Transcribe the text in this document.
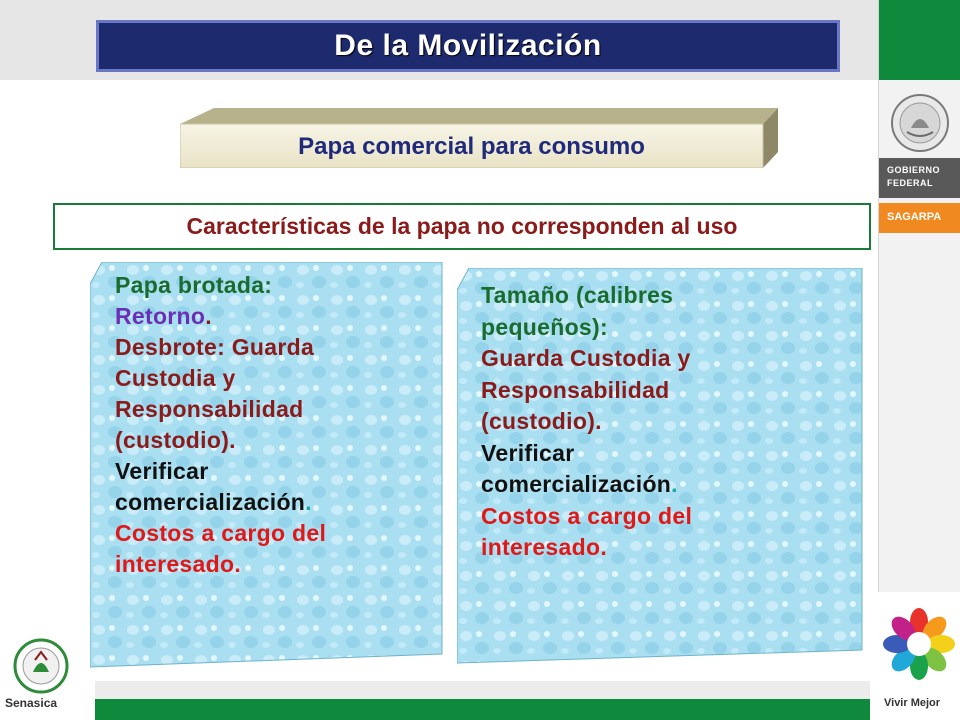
De la Movilización
GOBIERNO
FEDERAL
SAGARPA
Vivir Mejor
Senasica
Papa comercial para consumo
Características de la papa no corresponden al uso
Papa brotada:
Retorno.
Desbrote: Guarda
Custodia y
Responsabilidad
(custodio).
Verificar
comercialización.
Costos a cargo del
interesado.
Tamaño (calibres
pequeños):
Guarda Custodia y
Responsabilidad
(custodio).
Verificar
comercialización.
Costos a cargo del
interesado.
